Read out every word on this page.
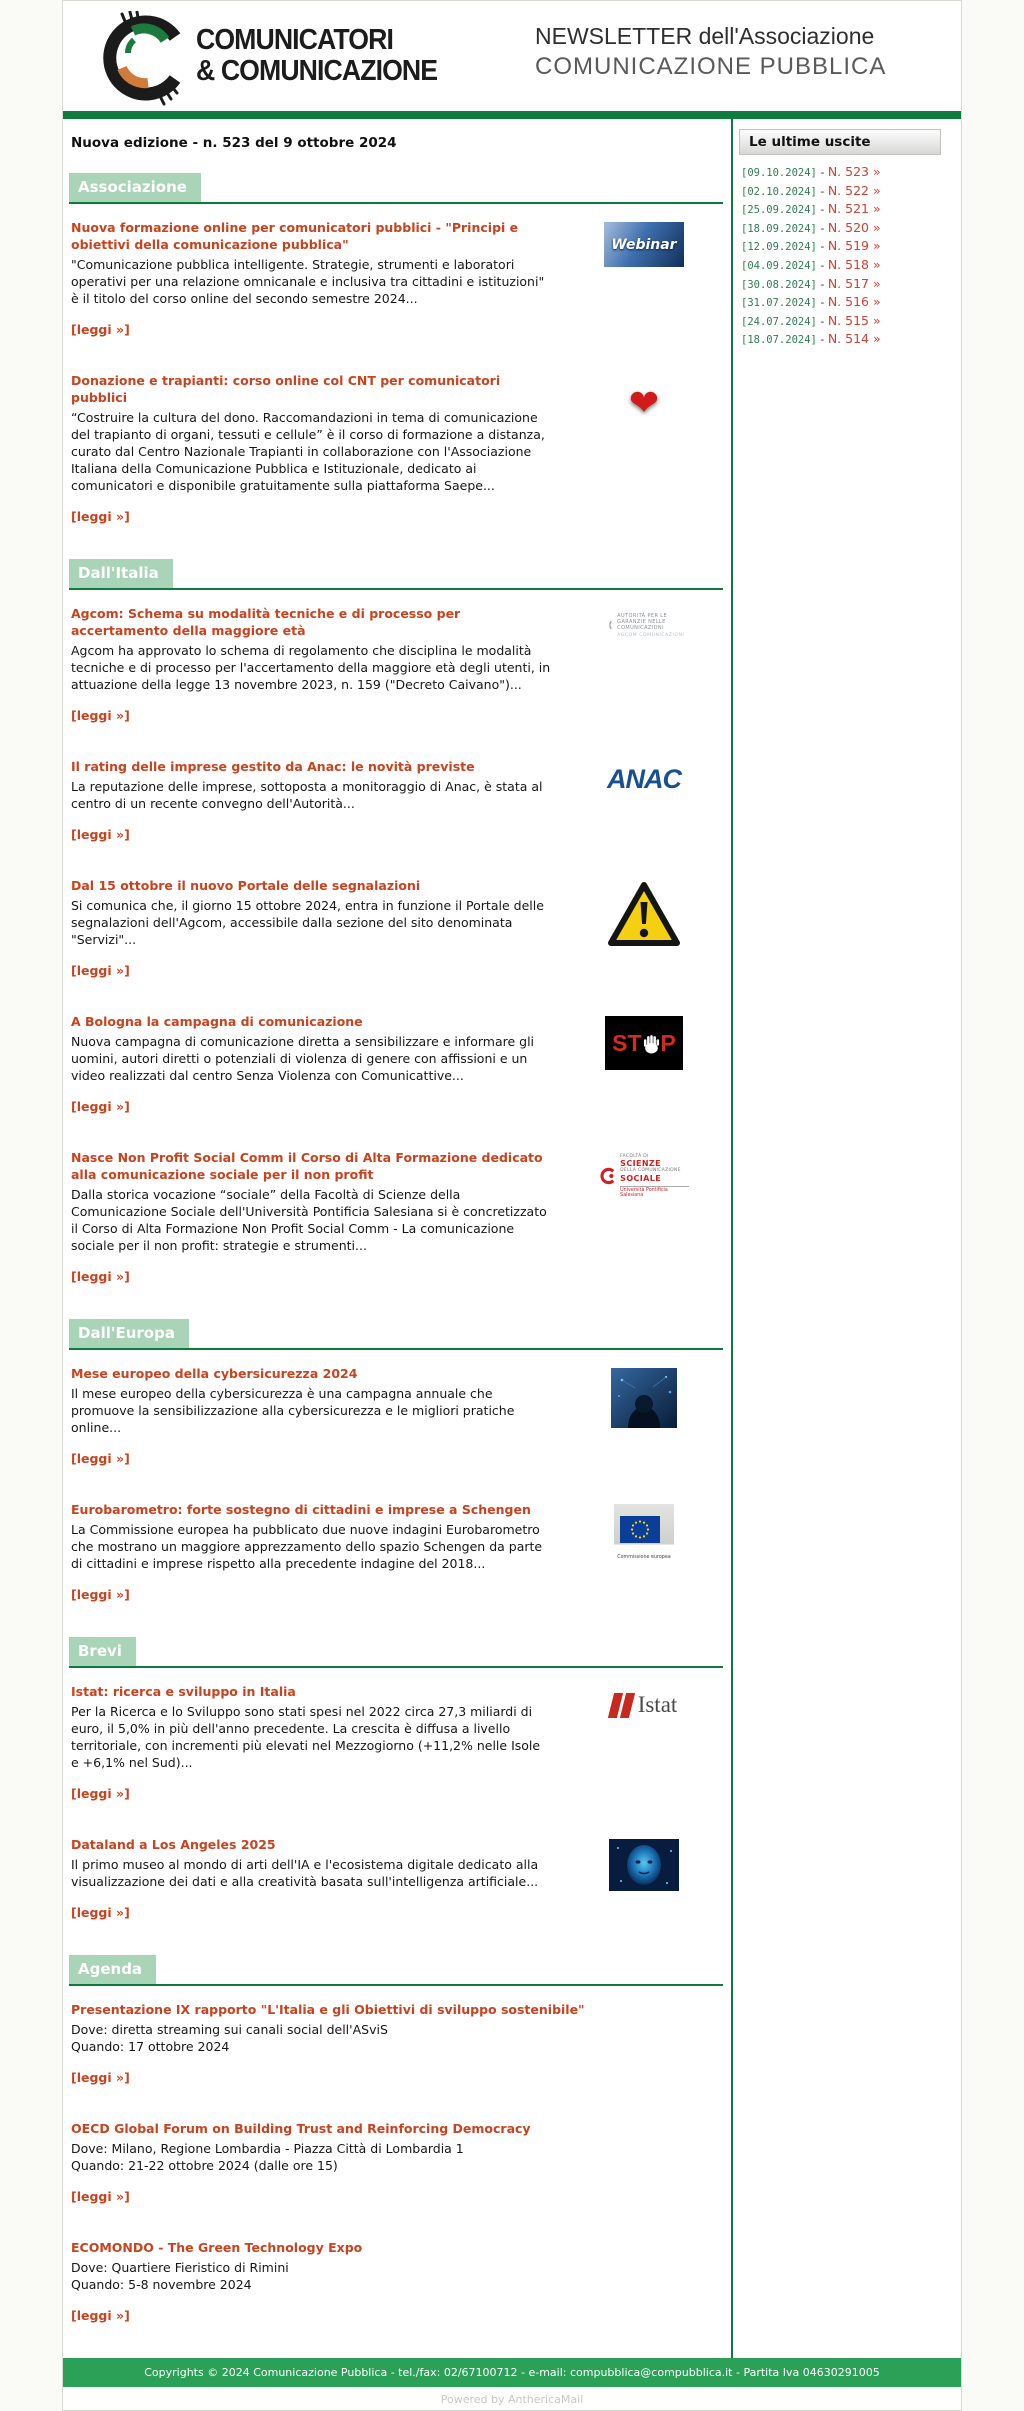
COMUNICATORI
& COMUNICAZIONE
NEWSLETTER dell'Associazione
COMUNICAZIONE PUBBLICA
Nuova edizione - n. 523 del 9 ottobre 2024
Associazione
Nuova formazione online per comunicatori pubblici - "Principi e obiettivi della comunicazione pubblica"
"Comunicazione pubblica intelligente. Strategie, strumenti e laboratori operativi per una relazione omnicanale e inclusiva tra cittadini e istituzioni" è il titolo del corso online del secondo semestre 2024...
[leggi »]
Webinar
Donazione e trapianti: corso online col CNT per comunicatori pubblici
“Costruire la cultura del dono. Raccomandazioni in tema di comunicazione del trapianto di organi, tessuti e cellule” è il corso di formazione a distanza, curato dal Centro Nazionale Trapianti in collaborazione con l'Associazione Italiana della Comunicazione Pubblica e Istituzionale, dedicato ai comunicatori e disponibile gratuitamente sulla piattaforma Saepe...
[leggi »]
❤
Dall'Italia
Agcom: Schema su modalità tecniche e di processo per accertamento della maggiore età
Agcom ha approvato lo schema di regolamento che disciplina le modalità tecniche e di processo per l'accertamento della maggiore età degli utenti, in attuazione della legge 13 novembre 2023, n. 159 ("Decreto Caivano")...
[leggi »]
AUTORITÀ PER LE GARANZIE NELLE COMUNICAZIONI
AGCOM COMUNICAZIONI
Il rating delle imprese gestito da Anac: le novità previste
La reputazione delle imprese, sottoposta a monitoraggio di Anac, è stata al centro di un recente convegno dell'Autorità...
[leggi »]
ANAC
Dal 15 ottobre il nuovo Portale delle segnalazioni
Si comunica che, il giorno 15 ottobre 2024, entra in funzione il Portale delle segnalazioni dell'Agcom, accessibile dalla sezione del sito denominata "Servizi"...
[leggi »]
A Bologna la campagna di comunicazione
Nuova campagna di comunicazione diretta a sensibilizzare e informare gli uomini, autori diretti o potenziali di violenza di genere con affissioni e un video realizzati dal centro Senza Violenza con Comunicattive...
[leggi »]
ST P
Nasce Non Profit Social Comm il Corso di Alta Formazione dedicato alla comunicazione sociale per il non profit
Dalla storica vocazione “sociale” della Facoltà di Scienze della Comunicazione Sociale dell'Università Pontificia Salesiana si è concretizzato il Corso di Alta Formazione Non Profit Social Comm - La comunicazione sociale per il non profit: strategie e strumenti...
[leggi »]
FACOLTÀ DI
SCIENZE
DELLA COMUNICAZIONE
SOCIALE
Università Pontificia Salesiana
Dall'Europa
Mese europeo della cybersicurezza 2024
Il mese europeo della cybersicurezza è una campagna annuale che promuove la sensibilizzazione alla cybersicurezza e le migliori pratiche online...
[leggi »]
Eurobarometro: forte sostegno di cittadini e imprese a Schengen
La Commissione europea ha pubblicato due nuove indagini Eurobarometro che mostrano un maggiore apprezzamento dello spazio Schengen da parte di cittadini e imprese rispetto alla precedente indagine del 2018...
[leggi »]
Commissione europea
Brevi
Istat: ricerca e sviluppo in Italia
Per la Ricerca e lo Sviluppo sono stati spesi nel 2022 circa 27,3 miliardi di euro, il 5,0% in più dell'anno precedente. La crescita è diffusa a livello territoriale, con incrementi più elevati nel Mezzogiorno (+11,2% nelle Isole e +6,1% nel Sud)...
[leggi »]
Istat
Dataland a Los Angeles 2025
Il primo museo al mondo di arti dell'IA e l'ecosistema digitale dedicato alla visualizzazione dei dati e alla creatività basata sull'intelligenza artificiale...
[leggi »]
Agenda
Presentazione IX rapporto "L'Italia e gli Obiettivi di sviluppo sostenibile"
Dove: diretta streaming sui canali social dell'ASviS
Quando: 17 ottobre 2024
[leggi »]
OECD Global Forum on Building Trust and Reinforcing Democracy
Dove: Milano, Regione Lombardia - Piazza Città di Lombardia 1
Quando: 21-22 ottobre 2024 (dalle ore 15)
[leggi »]
ECOMONDO - The Green Technology Expo
Dove: Quartiere Fieristico di Rimini
Quando: 5-8 novembre 2024
[leggi »]
Le ultime uscite
[09.10.2024] - N. 523 »
[02.10.2024] - N. 522 »
[25.09.2024] - N. 521 »
[18.09.2024] - N. 520 »
[12.09.2024] - N. 519 »
[04.09.2024] - N. 518 »
[30.08.2024] - N. 517 »
[31.07.2024] - N. 516 »
[24.07.2024] - N. 515 »
[18.07.2024] - N. 514 »
Copyrights © 2024 Comunicazione Pubblica - tel./fax: 02/67100712 - e-mail: compubblica@compubblica.it - Partita Iva 04630291005
Powered by AnthericaMail
